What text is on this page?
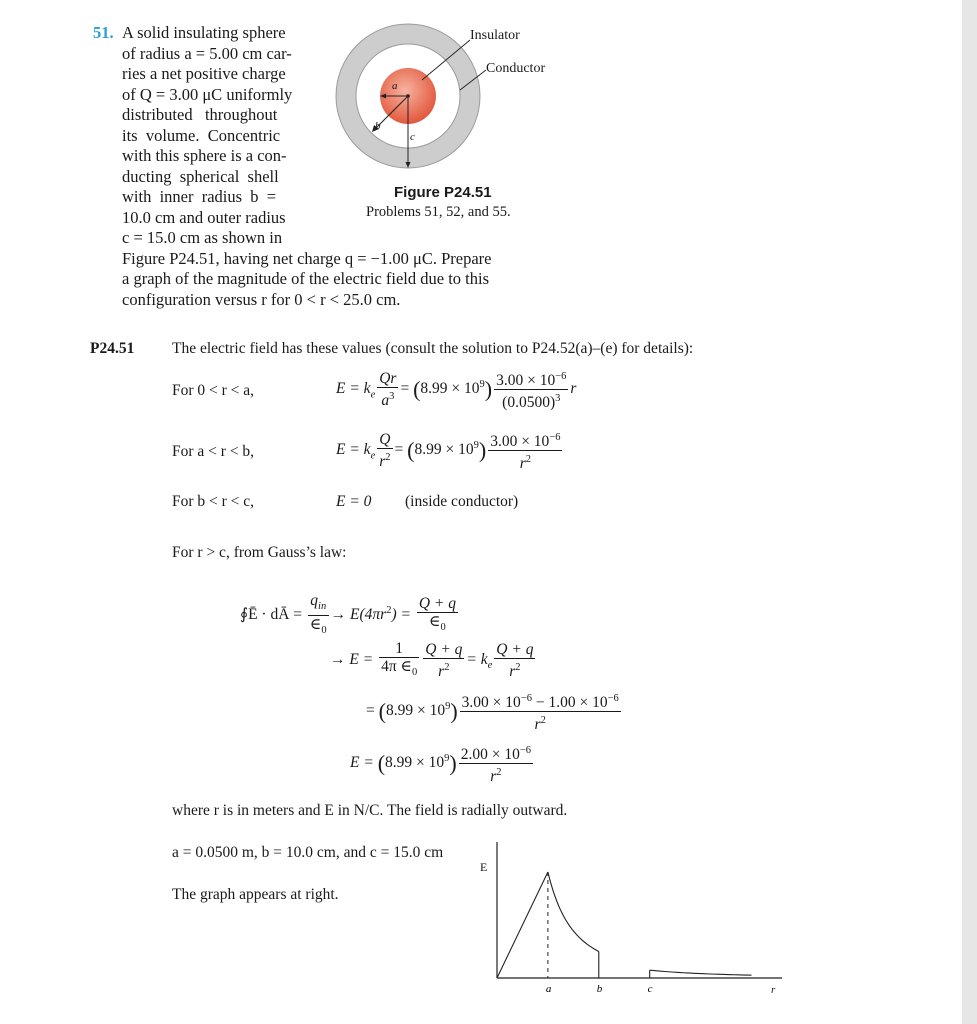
51. A solid insulating sphere
of radius a = 5.00 cm car-
ries a net positive charge
of Q = 3.00 μC uniformly
distributed   throughout
its  volume.  Concentric
with this sphere is a con-
ducting  spherical  shell
with  inner  radius  b  =
10.0 cm and outer radius
c = 15.0 cm as shown in
Figure P24.51, having net charge q = −1.00 μC. Prepare
a graph of the magnitude of the electric field due to this
configuration versus r for 0 < r < 25.0 cm.
a
b
c
Insulator
Conductor
Figure P24.51
Problems 51, 52, and 55.
P24.51 The electric field has these values (consult the solution to P24.52(a)–(e) for details):
For 0 < r < a,	$E = k_e \frac{Qr}{a^3} = (8.99 \times 10^9) \frac{3.00 \times 10^{-6}}{(0.0500)^3}$ r
For a < r < b,	$E = k_e \frac{Q}{r^2} = (8.99 \times 10^9) \frac{3.00 \times 10^{-6}}{r^2}$
For b < r < c,	E = 0 (inside conductor)
For r > c, from Gauss’s law:
∮Ē · dĀ = $\frac{q_{in}}{\in_0} \to E(4\pi r^2) = \frac{Q + q}{\in_0}$
→ $E = \frac{1}{4\pi \in_0} \frac{Q + q}{r^2} = k_e \frac{Q + q}{r^2}$
= $(8.99 \times 10^9) \frac{3.00 \times 10^{-6} - 1.00 \times 10^{-6}}{r^2}$
$E = (8.99 \times 10^9) \frac{2.00 \times 10^{-6}}{r^2}$
where r is in meters and E in N/C. The field is radially outward.
a = 0.0500 m, b = 10.0 cm, and c = 15.0 cm
The graph appears at right.
a	b	c
E
r
